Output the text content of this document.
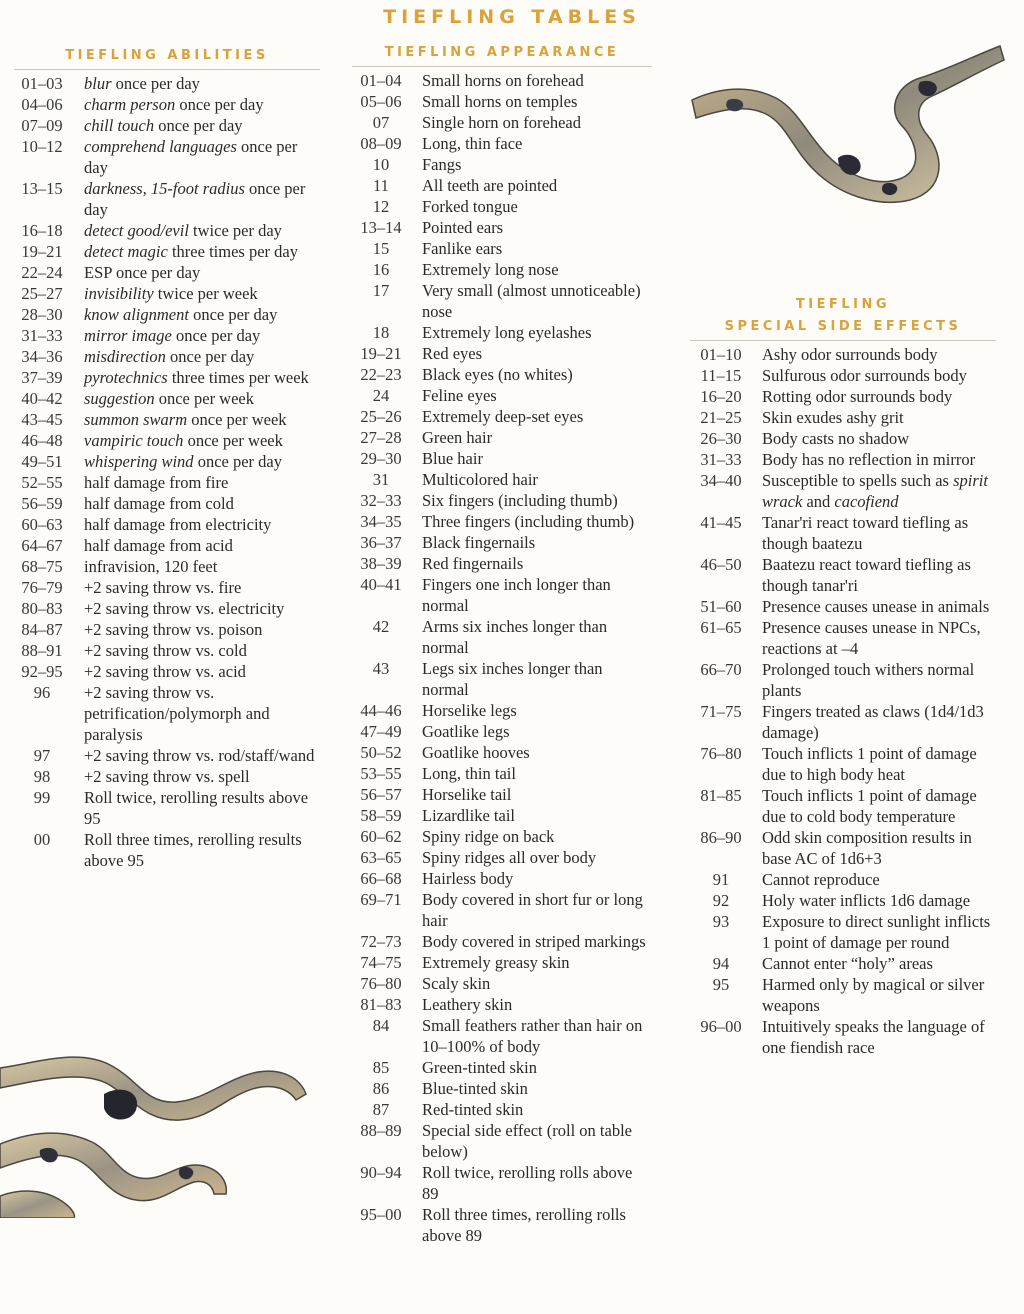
TIEFLING TABLES
TIEFLING ABILITIES
01–03	blur once per day
04–06	charm person once per day
07–09	chill touch once per day
10–12	comprehend languages once per day
13–15	darkness, 15-foot radius once per day
16–18	detect good/evil twice per day
19–21	detect magic three times per day
22–24	ESP once per day
25–27	invisibility twice per week
28–30	know alignment once per day
31–33	mirror image once per day
34–36	misdirection once per day
37–39	pyrotechnics three times per week
40–42	suggestion once per week
43–45	summon swarm once per week
46–48	vampiric touch once per week
49–51	whispering wind once per day
52–55	half damage from fire
56–59	half damage from cold
60–63	half damage from electricity
64–67	half damage from acid
68–75	infravision, 120 feet
76–79	+2 saving throw vs. fire
80–83	+2 saving throw vs. electricity
84–87	+2 saving throw vs. poison
88–91	+2 saving throw vs. cold
92–95	+2 saving throw vs. acid
96	+2 saving throw vs. petrification/polymorph and paralysis
97	+2 saving throw vs. rod/staff/wand
98	+2 saving throw vs. spell
99	Roll twice, rerolling results above 95
00	Roll three times, rerolling results above 95
TIEFLING APPEARANCE
01–04	Small horns on forehead
05–06	Small horns on temples
07	Single horn on forehead
08–09	Long, thin face
10	Fangs
11	All teeth are pointed
12	Forked tongue
13–14	Pointed ears
15	Fanlike ears
16	Extremely long nose
17	Very small (almost unnoticeable) nose
18	Extremely long eyelashes
19–21	Red eyes
22–23	Black eyes (no whites)
24	Feline eyes
25–26	Extremely deep-set eyes
27–28	Green hair
29–30	Blue hair
31	Multicolored hair
32–33	Six fingers (including thumb)
34–35	Three fingers (including thumb)
36–37	Black fingernails
38–39	Red fingernails
40–41	Fingers one inch longer than normal
42	Arms six inches longer than normal
43	Legs six inches longer than normal
44–46	Horselike legs
47–49	Goatlike legs
50–52	Goatlike hooves
53–55	Long, thin tail
56–57	Horselike tail
58–59	Lizardlike tail
60–62	Spiny ridge on back
63–65	Spiny ridges all over body
66–68	Hairless body
69–71	Body covered in short fur or long hair
72–73	Body covered in striped markings
74–75	Extremely greasy skin
76–80	Scaly skin
81–83	Leathery skin
84	Small feathers rather than hair on 10–100% of body
85	Green-tinted skin
86	Blue-tinted skin
87	Red-tinted skin
88–89	Special side effect (roll on table below)
90–94	Roll twice, rerolling rolls above 89
95–00	Roll three times, rerolling rolls above 89
TIEFLING
SPECIAL SIDE EFFECTS
01–10	Ashy odor surrounds body
11–15	Sulfurous odor surrounds body
16–20	Rotting odor surrounds body
21–25	Skin exudes ashy grit
26–30	Body casts no shadow
31–33	Body has no reflection in mirror
34–40	Susceptible to spells such as spirit wrack and cacofiend
41–45	Tanar'ri react toward tiefling as though baatezu
46–50	Baatezu react toward tiefling as though tanar'ri
51–60	Presence causes unease in animals
61–65	Presence causes unease in NPCs, reactions at –4
66–70	Prolonged touch withers normal plants
71–75	Fingers treated as claws (1d4/1d3 damage)
76–80	Touch inflicts 1 point of damage due to high body heat
81–85	Touch inflicts 1 point of damage due to cold body temperature
86–90	Odd skin composition results in base AC of 1d6+3
91	Cannot reproduce
92	Holy water inflicts 1d6 damage
93	Exposure to direct sunlight inflicts 1 point of damage per round
94	Cannot enter “holy” areas
95	Harmed only by magical or silver weapons
96–00	Intuitively speaks the language of one fiendish race
